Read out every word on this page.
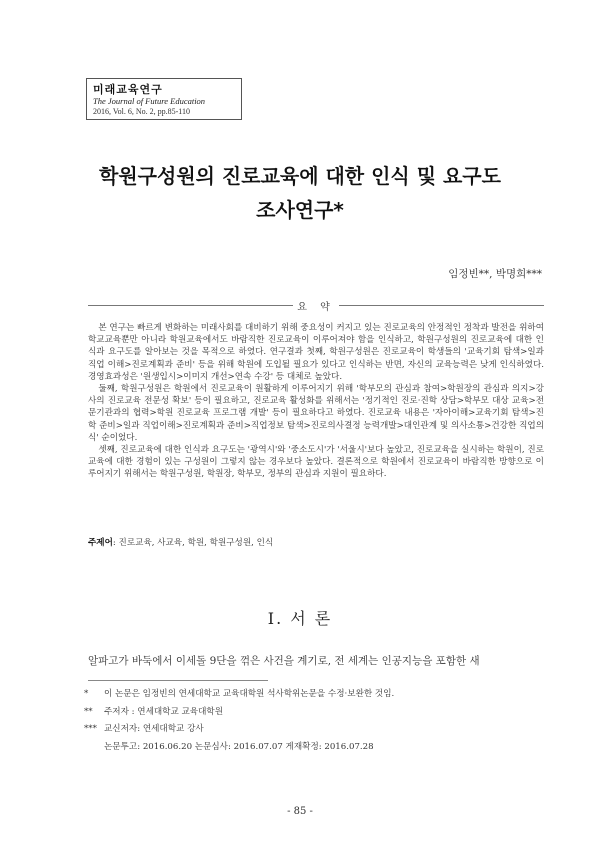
미래교육연구
The Journal of Future Education
2016, Vol. 6, No. 2, pp.85-110
학원구성원의 진로교육에 대한 인식 및 요구도
조사연구*
임정빈**, 박명희***
요 약

본 연구는 빠르게 변화하는 미래사회를 대비하기 위해 중요성이 커지고 있는 진로교육의 안정적인 정착과 발전을 위하여 학교교육뿐만 아니라 학원교육에서도 바람직한 진로교육이 이루어져야 함을 인식하고, 학원구성원의 진로교육에 대한 인식과 요구도를 알아보는 것을 목적으로 하였다. 연구결과 첫째, 학원구성원은 진로교육이 학생들의 '교육기회 탐색>일과 직업 이해>진로계획과 준비' 등을 위해 학원에 도입될 필요가 있다고 인식하는 반면, 자신의 교육능력은 낮게 인식하였다. 경영효과성은 '원생입시>이미지 개선>연속 수강' 등 대체로 높았다.

둘째, 학원구성원은 학원에서 진로교육이 원활하게 이루어지기 위해 '학부모의 관심과 참여>학원장의 관심과 의지>강사의 진로교육 전문성 확보' 등이 필요하고, 진로교육 활성화를 위해서는 '정기적인 진로·진학 상담>학부모 대상 교육>전문기관과의 협력>학원 진로교육 프로그램 개발' 등이 필요하다고 하였다. 진로교육 내용은 '자아이해>교육기회 탐색>진학 준비>일과 직업이해>진로계획과 준비>직업정보 탐색>진로의사결정 능력개발>대인관계 및 의사소통>건강한 직업의식' 순이었다.

셋째, 진로교육에 대한 인식과 요구도는 '광역시'와 '중소도시'가 '서울시'보다 높았고, 진로교육을 실시하는 학원이, 진로교육에 대한 경험이 있는 구성원이 그렇지 않는 경우보다 높았다. 결론적으로 학원에서 진로교육이 바람직한 방향으로 이루어지기 위해서는 학원구성원, 학원장, 학부모, 정부의 관심과 지원이 필요하다.

주제어: 진로교육, 사교육, 학원, 학원구성원, 인식
I. 서 론
알파고가 바둑에서 이세돌 9단을 꺾은 사건을 계기로, 전 세계는 인공지능을 포함한 새
* 이 논문은 임정빈의 연세대학교 교육대학원 석사학위논문을 수정·보완한 것임.
** 주저자 : 연세대학교 교육대학원
*** 교신저자: 연세대학교 강사
논문투고: 2016.06.20 논문심사: 2016.07.07 게재확정: 2016.07.28
- 85 -
